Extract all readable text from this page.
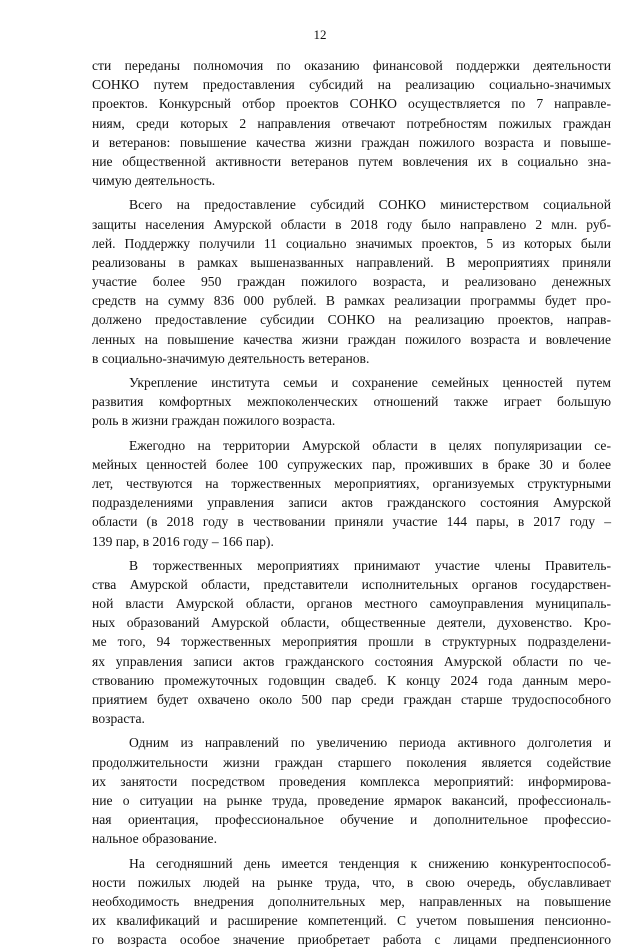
12
сти переданы полномочия по оказанию финансовой поддержки деятельности
СОНКО путем предоставления субсидий на реализацию социально-значимых
проектов. Конкурсный отбор проектов СОНКО осуществляется по 7 направле-
ниям, среди которых 2 направления отвечают потребностям пожилых граждан
и ветеранов: повышение качества жизни граждан пожилого возраста и повыше-
ние общественной активности ветеранов путем вовлечения их в социально зна-
чимую деятельность.
Всего на предоставление субсидий СОНКО министерством социальной
защиты населения Амурской области в 2018 году было направлено 2 млн. руб-
лей. Поддержку получили 11 социально значимых проектов, 5 из которых были
реализованы в рамках вышеназванных направлений. В мероприятиях приняли
участие более 950 граждан пожилого возраста, и реализовано денежных
средств на сумму 836 000 рублей. В рамках реализации программы будет про-
должено предоставление субсидии СОНКО на реализацию проектов, направ-
ленных на повышение качества жизни граждан пожилого возраста и вовлечение
в социально-значимую деятельность ветеранов.
Укрепление института семьи и сохранение семейных ценностей путем
развития комфортных межпоколенческих отношений также играет большую
роль в жизни граждан пожилого возраста.
Ежегодно на территории Амурской области в целях популяризации се-
мейных ценностей более 100 супружеских пар, проживших в браке 30 и более
лет, чествуются на торжественных мероприятиях, организуемых структурными
подразделениями управления записи актов гражданского состояния Амурской
области (в 2018 году в чествовании приняли участие 144 пары, в 2017 году –
139 пар, в 2016 году – 166 пар).
В торжественных мероприятиях принимают участие члены Правитель-
ства Амурской области, представители исполнительных органов государствен-
ной власти Амурской области, органов местного самоуправления муниципаль-
ных образований Амурской области, общественные деятели, духовенство. Кро-
ме того, 94 торжественных мероприятия прошли в структурных подразделени-
ях управления записи актов гражданского состояния Амурской области по че-
ствованию промежуточных годовщин свадеб. К концу 2024 года данным меро-
приятием будет охвачено около 500 пар среди граждан старше трудоспособного
возраста.
Одним из направлений по увеличению периода активного долголетия и
продолжительности жизни граждан старшего поколения является содействие
их занятости посредством проведения комплекса мероприятий: информирова-
ние о ситуации на рынке труда, проведение ярмарок вакансий, профессиональ-
ная ориентация, профессиональное обучение и дополнительное профессио-
нальное образование.
На сегодняшний день имеется тенденция к снижению конкурентоспособ-
ности пожилых людей на рынке труда, что, в свою очередь, обуславливает
необходимость внедрения дополнительных мер, направленных на повышение
их квалификаций и расширение компетенций. С учетом повышения пенсионно-
го возраста особое значение приобретает работа с лицами предпенсионного
